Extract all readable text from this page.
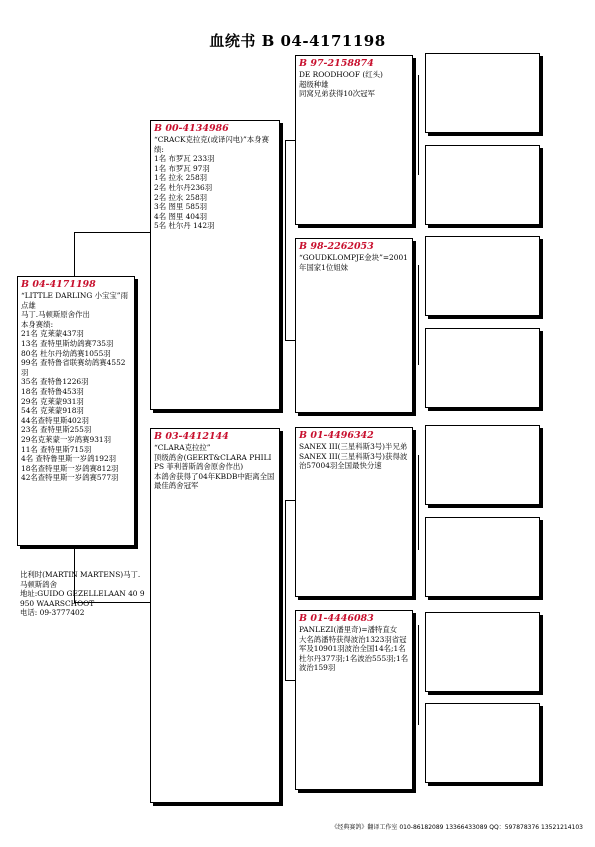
血统书 B 04-4171198
B 04-4171198
“LITTLE DARLING 小宝宝”雨点雄
马丁.马顿斯原舍作出
本身赛绩:
21名 克莱蒙437羽
13名 查特里斯幼鸽赛735羽
80名 杜尔丹幼鸽赛1055羽
99名 查特鲁省联赛幼鸽赛4552羽
35名 查特鲁1226羽
18名 查特鲁453羽
29名 克莱蒙931羽
54名 克莱蒙918羽
44名查特里斯402羽
23名 查特里斯255羽
29名克莱蒙一岁鸽赛931羽
11名 查特里斯715羽
4名 查特鲁里斯一岁鸽192羽
18名查特里斯一岁鸽赛812羽
42名查特里斯一岁鸽赛577羽
比利时(MARTIN MARTENS)马丁.马顿斯鸽舍
地址:GUIDO GEZELLELAAN 40 9950 WAARSCHOOT
电话: 09-3777402
B 00-4134986
“CRACK克拉克(或译闪电)”本身赛绩:
1名 布罗瓦 233羽
1名 布罗瓦 97羽
1名 拉永 258羽
2名 杜尔丹236羽
2名 拉永 258羽
3名 图里 585羽
4名 图里 404羽
5名 杜尔丹 142羽
B 03-4412144
“CLARA克拉拉”
顶级鸽舍(GEERT&CLARA PHILIPS 菲利普斯鸽舍原舍作出)
本鸽舍获得了04年KBDB中距离全国最佳鸽舍冠军
B 97-2158874
DE ROODHOOF (红头)
超级种雄
同窝兄弟获得10次冠军
B 98-2262053
“GOUDKLOMPJE金块”=2001年国家1位姐妹
B 01-4496342
SANEX III(三星科斯3号)半兄弟
SANEX III(三星科斯3号)获得波治57004羽全国最快分速
B 01-4446083
PANLEZI(潘里奇)=潘特直女
大名鸽潘特获得波治1323羽省冠军及10901羽波治全国14名;1名杜尔丹377羽;1名波治555羽;1名波治159羽
《经典赛鸽》翻译工作室 010-86182089 13366433089 QQ：597878376 13521214103
